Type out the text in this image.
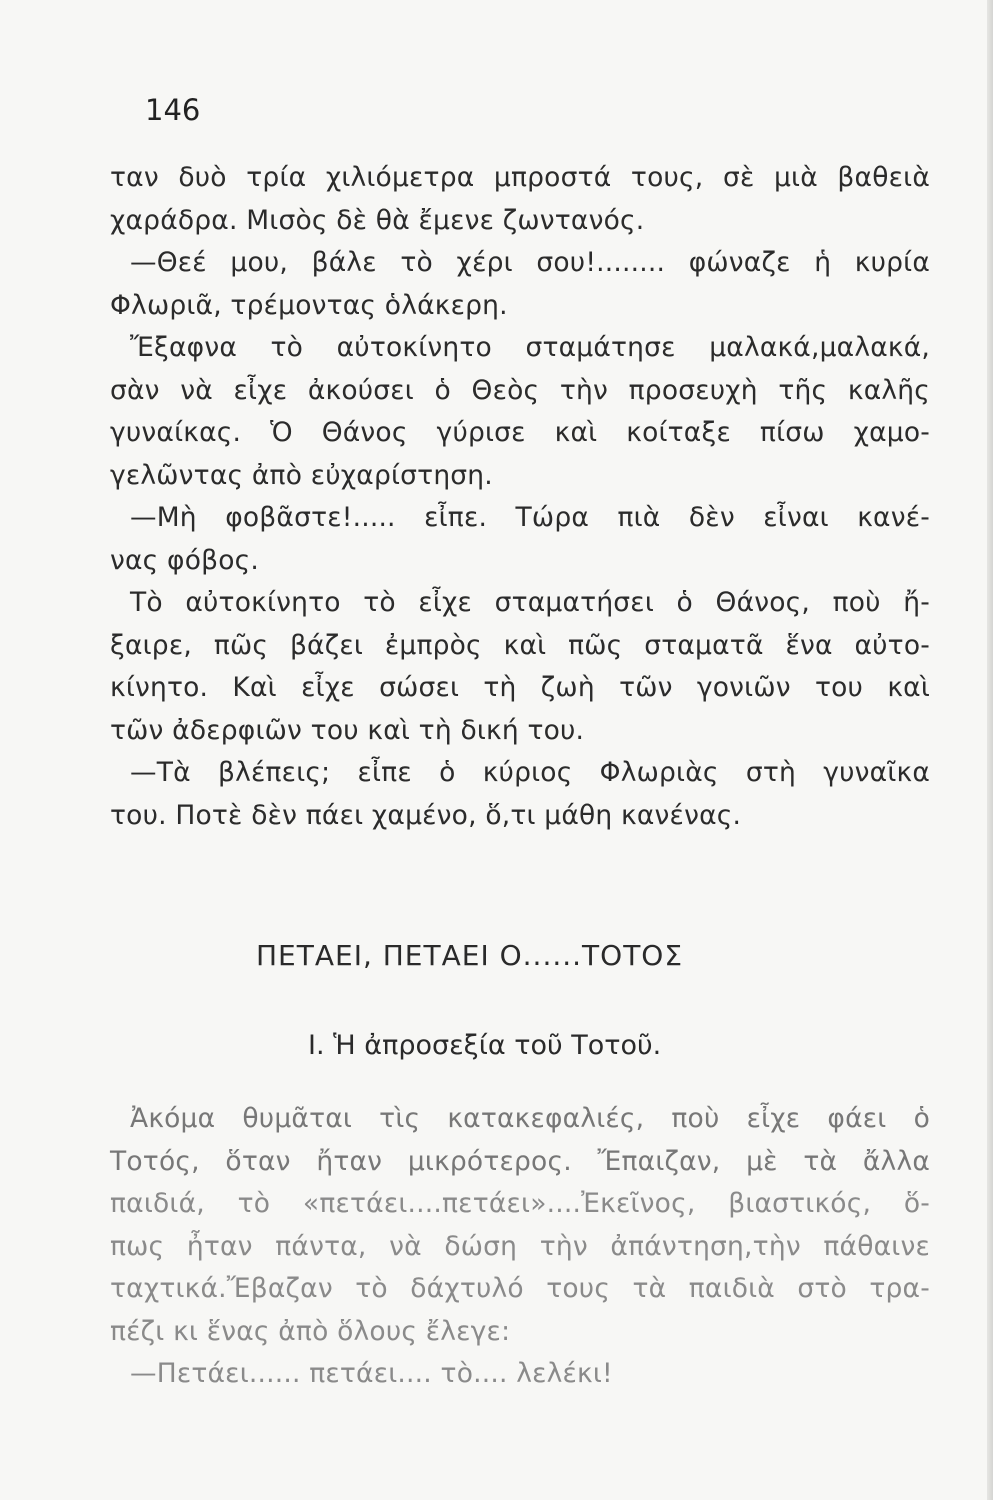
146
ταν δυὸ τρία χιλιόμετρα μπροστά τους, σὲ μιὰ βαθειὰ
χαράδρα. Μισὸς δὲ θὰ ἔμενε ζωντανός.
—Θεέ μου, βάλε τὸ χέρι σου!........ φώναζε ἡ κυρία
Φλωριᾶ, τρέμοντας ὁλάκερη.
Ἔξαφνα τὸ αὐτοκίνητο σταμάτησε μαλακά,μαλακά,
σὰν νὰ εἶχε ἀκούσει ὁ Θεὸς τὴν προσευχὴ τῆς καλῆς
γυναίκας. Ὁ Θάνος γύρισε καὶ κοίταξε πίσω χαμο-
γελῶντας ἀπὸ εὐχαρίστηση.
—Μὴ φοβᾶστε!..... εἶπε. Τώρα πιὰ δὲν εἶναι κανέ-
νας φόβος.
Τὸ αὐτοκίνητο τὸ εἶχε σταματήσει ὁ Θάνος, ποὺ ἤ-
ξαιρε, πῶς βάζει ἐμπρὸς καὶ πῶς σταματᾶ ἕνα αὐτο-
κίνητο. Καὶ εἶχε σώσει τὴ ζωὴ τῶν γονιῶν του καὶ
τῶν ἀδερφιῶν του καὶ τὴ δική του.
—Τὰ βλέπεις; εἶπε ὁ κύριος Φλωριὰς στὴ γυναῖκα
του. Ποτὲ δὲν πάει χαμένο, ὅ,τι μάθη κανένας.
ΠΕΤΑΕΙ, ΠΕΤΑΕΙ Ο......ΤΟΤΟΣ
Ι. Ἡ ἀπροσεξία τοῦ Τοτοῦ.
Ἀκόμα θυμᾶται τὶς κατακεφαλιές, ποὺ εἶχε φάει ὁ
Τοτός, ὅταν ἤταν μικρότερος. Ἔπαιζαν, μὲ τὰ ἄλλα
παιδιά, τὸ «πετάει....πετάει»....Ἐκεῖνος, βιαστικός, ὅ-
πως ἦταν πάντα, νὰ δώση τὴν ἀπάντηση,τὴν πάθαινε
ταχτικά.Ἔβαζαν τὸ δάχτυλό τους τὰ παιδιὰ στὸ τρα-
πέζι κι ἕνας ἀπὸ ὅλους ἔλεγε:
—Πετάει...... πετάει.... τὸ.... λελέκι!
